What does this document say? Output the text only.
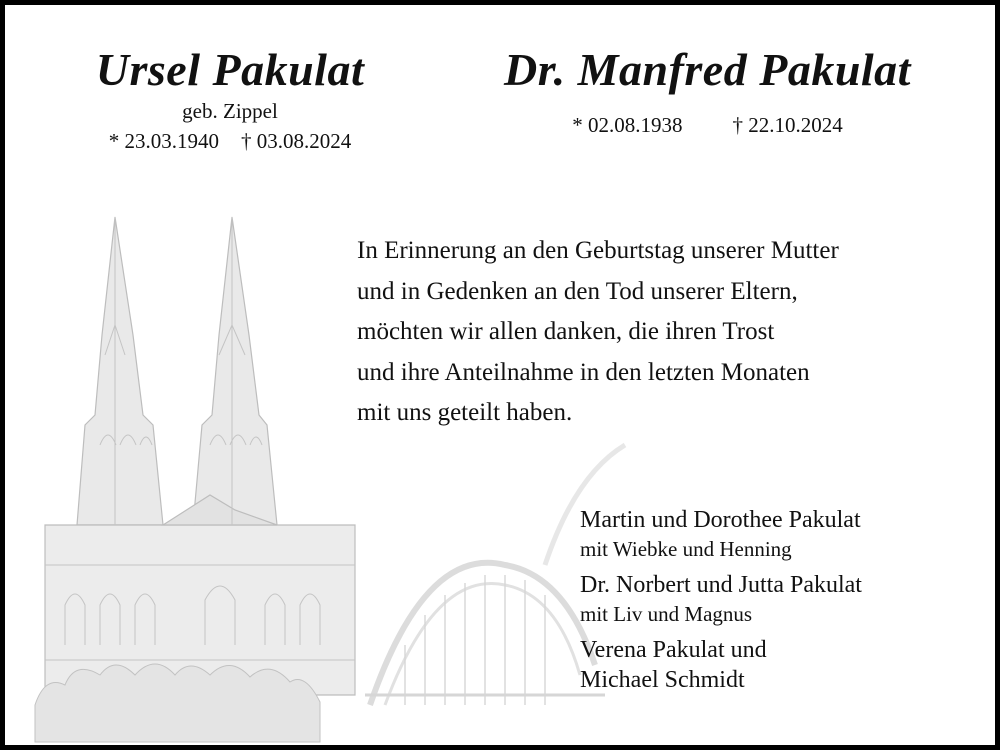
Ursel Pakulat	Dr. Manfred Pakulat
geb. Zippel
* 23.03.1940 † 03.08.2024
* 02.08.1938 † 22.10.2024
In Erinnerung an den Geburtstag unserer Mutter
und in Gedenken an den Tod unserer Eltern,
möchten wir allen danken, die ihren Trost
und ihre Anteilnahme in den letzten Monaten
mit uns geteilt haben.
Martin und Dorothee Pakulat
mit Wiebke und Henning
Dr. Norbert und Jutta Pakulat
mit Liv und Magnus
Verena Pakulat und
Michael Schmidt
